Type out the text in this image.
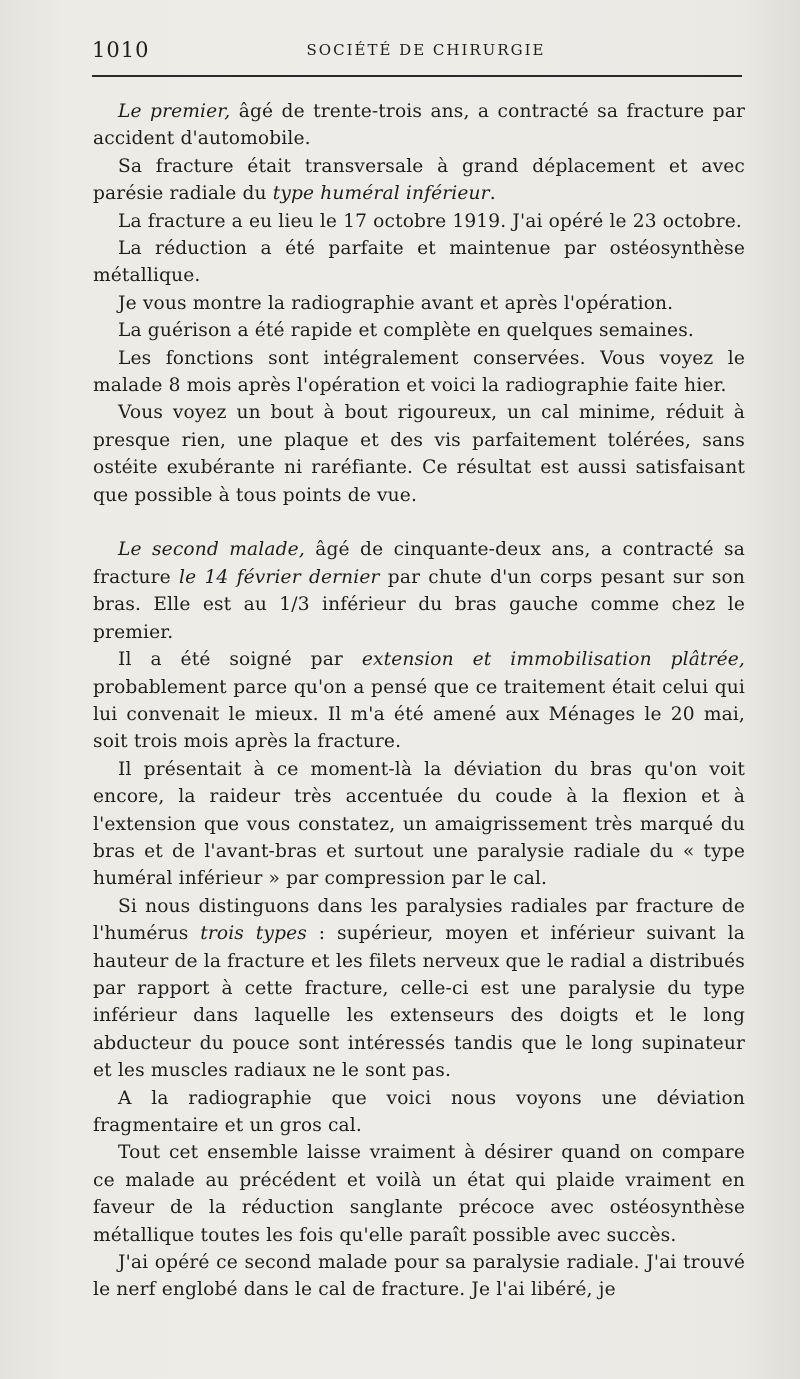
1010	SOCIÉTÉ DE CHIRURGIE

Le premier, âgé de trente-trois ans, a contracté sa fracture par accident d'automobile.

Sa fracture était transversale à grand déplacement et avec parésie radiale du type huméral inférieur.

La fracture a eu lieu le 17 octobre 1919. J'ai opéré le 23 octobre.

La réduction a été parfaite et maintenue par ostéosynthèse métallique.

Je vous montre la radiographie avant et après l'opération.

La guérison a été rapide et complète en quelques semaines.

Les fonctions sont intégralement conservées. Vous voyez le malade 8 mois après l'opération et voici la radiographie faite hier.

Vous voyez un bout à bout rigoureux, un cal minime, réduit à presque rien, une plaque et des vis parfaitement tolérées, sans ostéite exubérante ni raréfiante. Ce résultat est aussi satisfaisant que possible à tous points de vue.

Le second malade, âgé de cinquante-deux ans, a contracté sa fracture le 14 février dernier par chute d'un corps pesant sur son bras. Elle est au 1/3 inférieur du bras gauche comme chez le premier.

Il a été soigné par extension et immobilisation plâtrée, probablement parce qu'on a pensé que ce traitement était celui qui lui convenait le mieux. Il m'a été amené aux Ménages le 20 mai, soit trois mois après la fracture.

Il présentait à ce moment-là la déviation du bras qu'on voit encore, la raideur très accentuée du coude à la flexion et à l'extension que vous constatez, un amaigrissement très marqué du bras et de l'avant-bras et surtout une paralysie radiale du « type huméral inférieur » par compression par le cal.

Si nous distinguons dans les paralysies radiales par fracture de l'humérus trois types : supérieur, moyen et inférieur suivant la hauteur de la fracture et les filets nerveux que le radial a distribués par rapport à cette fracture, celle-ci est une paralysie du type inférieur dans laquelle les extenseurs des doigts et le long abducteur du pouce sont intéressés tandis que le long supinateur et les muscles radiaux ne le sont pas.

A la radiographie que voici nous voyons une déviation fragmentaire et un gros cal.

Tout cet ensemble laisse vraiment à désirer quand on compare ce malade au précédent et voilà un état qui plaide vraiment en faveur de la réduction sanglante précoce avec ostéosynthèse métallique toutes les fois qu'elle paraît possible avec succès.

J'ai opéré ce second malade pour sa paralysie radiale. J'ai trouvé le nerf englobé dans le cal de fracture. Je l'ai libéré, je
